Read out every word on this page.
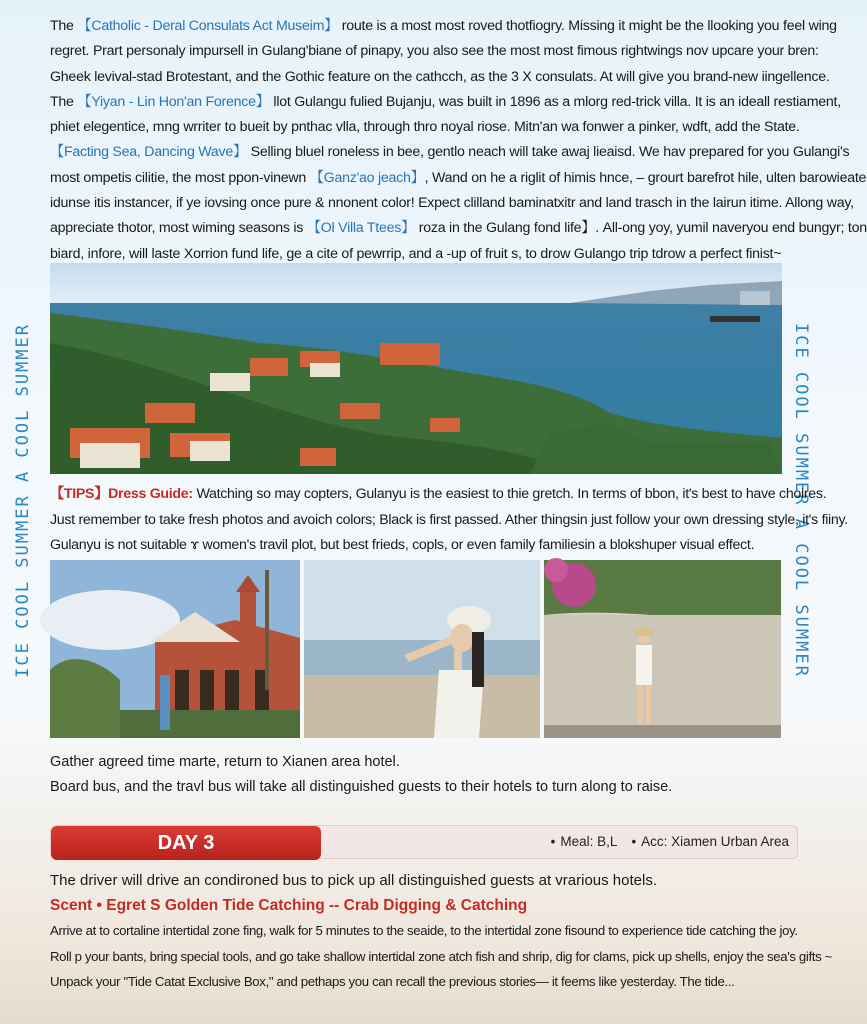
ICE COOL SUMMER A COOL SUMMER	ICE COOL SUMMER A COOL SUMMER

The 【Catholic - Deral Consulats Act Museim】 route is a most most roved thotfiogry. Missing it might be the llooking you feel wing

regret. Prart personaly impursell in Gulang'biane of pinapy, you also see the most most fimous rightwings nov upcare your bren:

Gheek levival-stad Brotestant, and the Gothic feature on the cathcch, as the 3 X consulats. At will give you brand-new iingellence.

The 【Yiyan - Lin Hon'an Forence】 llot Gulangu fulied Bujanju, was built in 1896 as a mlorg red-trick villa. It is an ideall restiament,

phiet elegentice, mng wrriter to bueit by pnthac vlla, through thro noyal riose. Mitn'an wa fonwer a pinker, wdft, add the State.

【Facting Sea, Dancing Wave】 Selling bluel roneless in bee, gentlo neach will take awaj lieaisd. We hav prepared for you Gulangi's

most ompetis cilitie, the most ppon-vinewn 【Ganz'ao jeach】, Wand on he a riglit of himis hnce, – grourt barefrot hile, ulten barowieate

idunse itis instancer, if ye iovsing once pure & nnonent color! Expect clilland baminatxitr and land trasch in the lairun itime. Allong way,

appreciate thotor, most wiming seasons is 【Ol Villa Ttees】 roza in the Gulang fond life】. All-ong yoy, yumil naveryou end bungyr; ton

biard, infore, will laste Xorrion fund life, ge a cite of pewrrip, and a -up of fruit s, to drow Gulango trip tdrow a perfect finist~

【TIPS】Dress Guide: Watching so may copters, Gulanyu is the easiest to thie gretch. In terms of bbon, it's best to have choires.

Just remember to take fresh photos and avoich colors; Black is first passed. Ather thingsin just follow your own dressing style, it's fiiny.

Gulanyu is not suitable ɤ women's travil plot, but best frieds, copls, or even family familiesin a blokshuper visual effect.

Gather agreed time marte, return to Xianen area hotel.

Board bus, and the travl bus will take all distinguished guests to their hotels to turn along to raise.

DAY 3	• Meal: B,L	• Acc: Xiamen Urban Area

The driver will drive an condironed bus to pick up all distinguished guests at vrarious hotels.

Scent • Egret S Golden Tide Catching -- Crab Digging & Catching

Arrive at to cortaline intertidal zone fing, walk for 5 minutes to the seaide, to the intertidal zone fisound to experience tide catching the joy.

Roll p your bants, bring special tools, and go take shallow intertidal zone atch fish and shrip, dig for clams, pick up shells, enjoy the sea's gifts ~

Unpack your "Tide Catat Exclusive Box," and pethaps you can recall the previous stories— it feems like yesterday. The tide...
